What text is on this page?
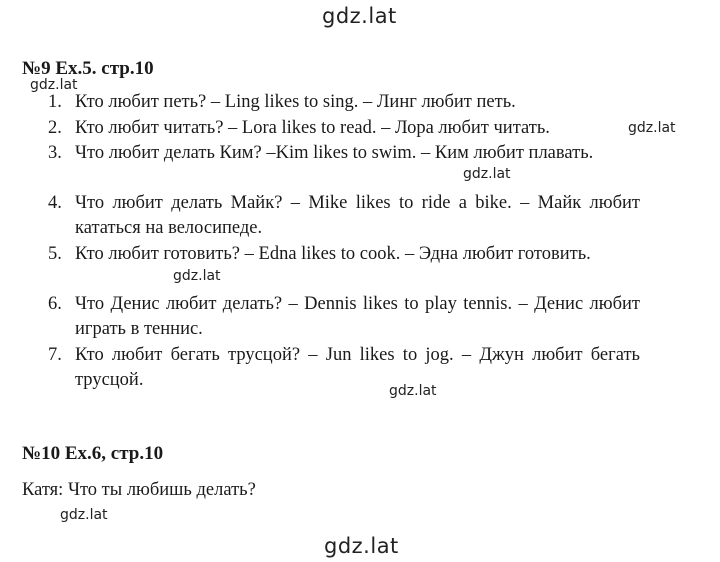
gdz.lat
gdz.lat
gdz.lat
gdz.lat
gdz.lat
gdz.lat
gdz.lat
gdz.lat
№9 Ex.5. стр.10
1. Кто любит петь? – Ling likes to sing. – Линг любит петь.
2. Кто любит читать? – Lora likes to read. – Лора любит читать.
3. Что любит делать Ким? –Kim likes to swim. – Ким любит плавать.
4. Что любит делать Майк? – Mike likes to ride a bike. – Майк любит кататься на велосипеде.
5. Кто любит готовить? – Edna likes to cook. – Эдна любит готовить.
6. Что Денис любит делать? – Dennis likes to play tennis. – Денис любит играть в теннис.
7. Кто любит бегать трусцой? – Jun likes to jog. – Джун любит бегать трусцой.
№10 Ex.6, стр.10
Катя: Что ты любишь делать?
